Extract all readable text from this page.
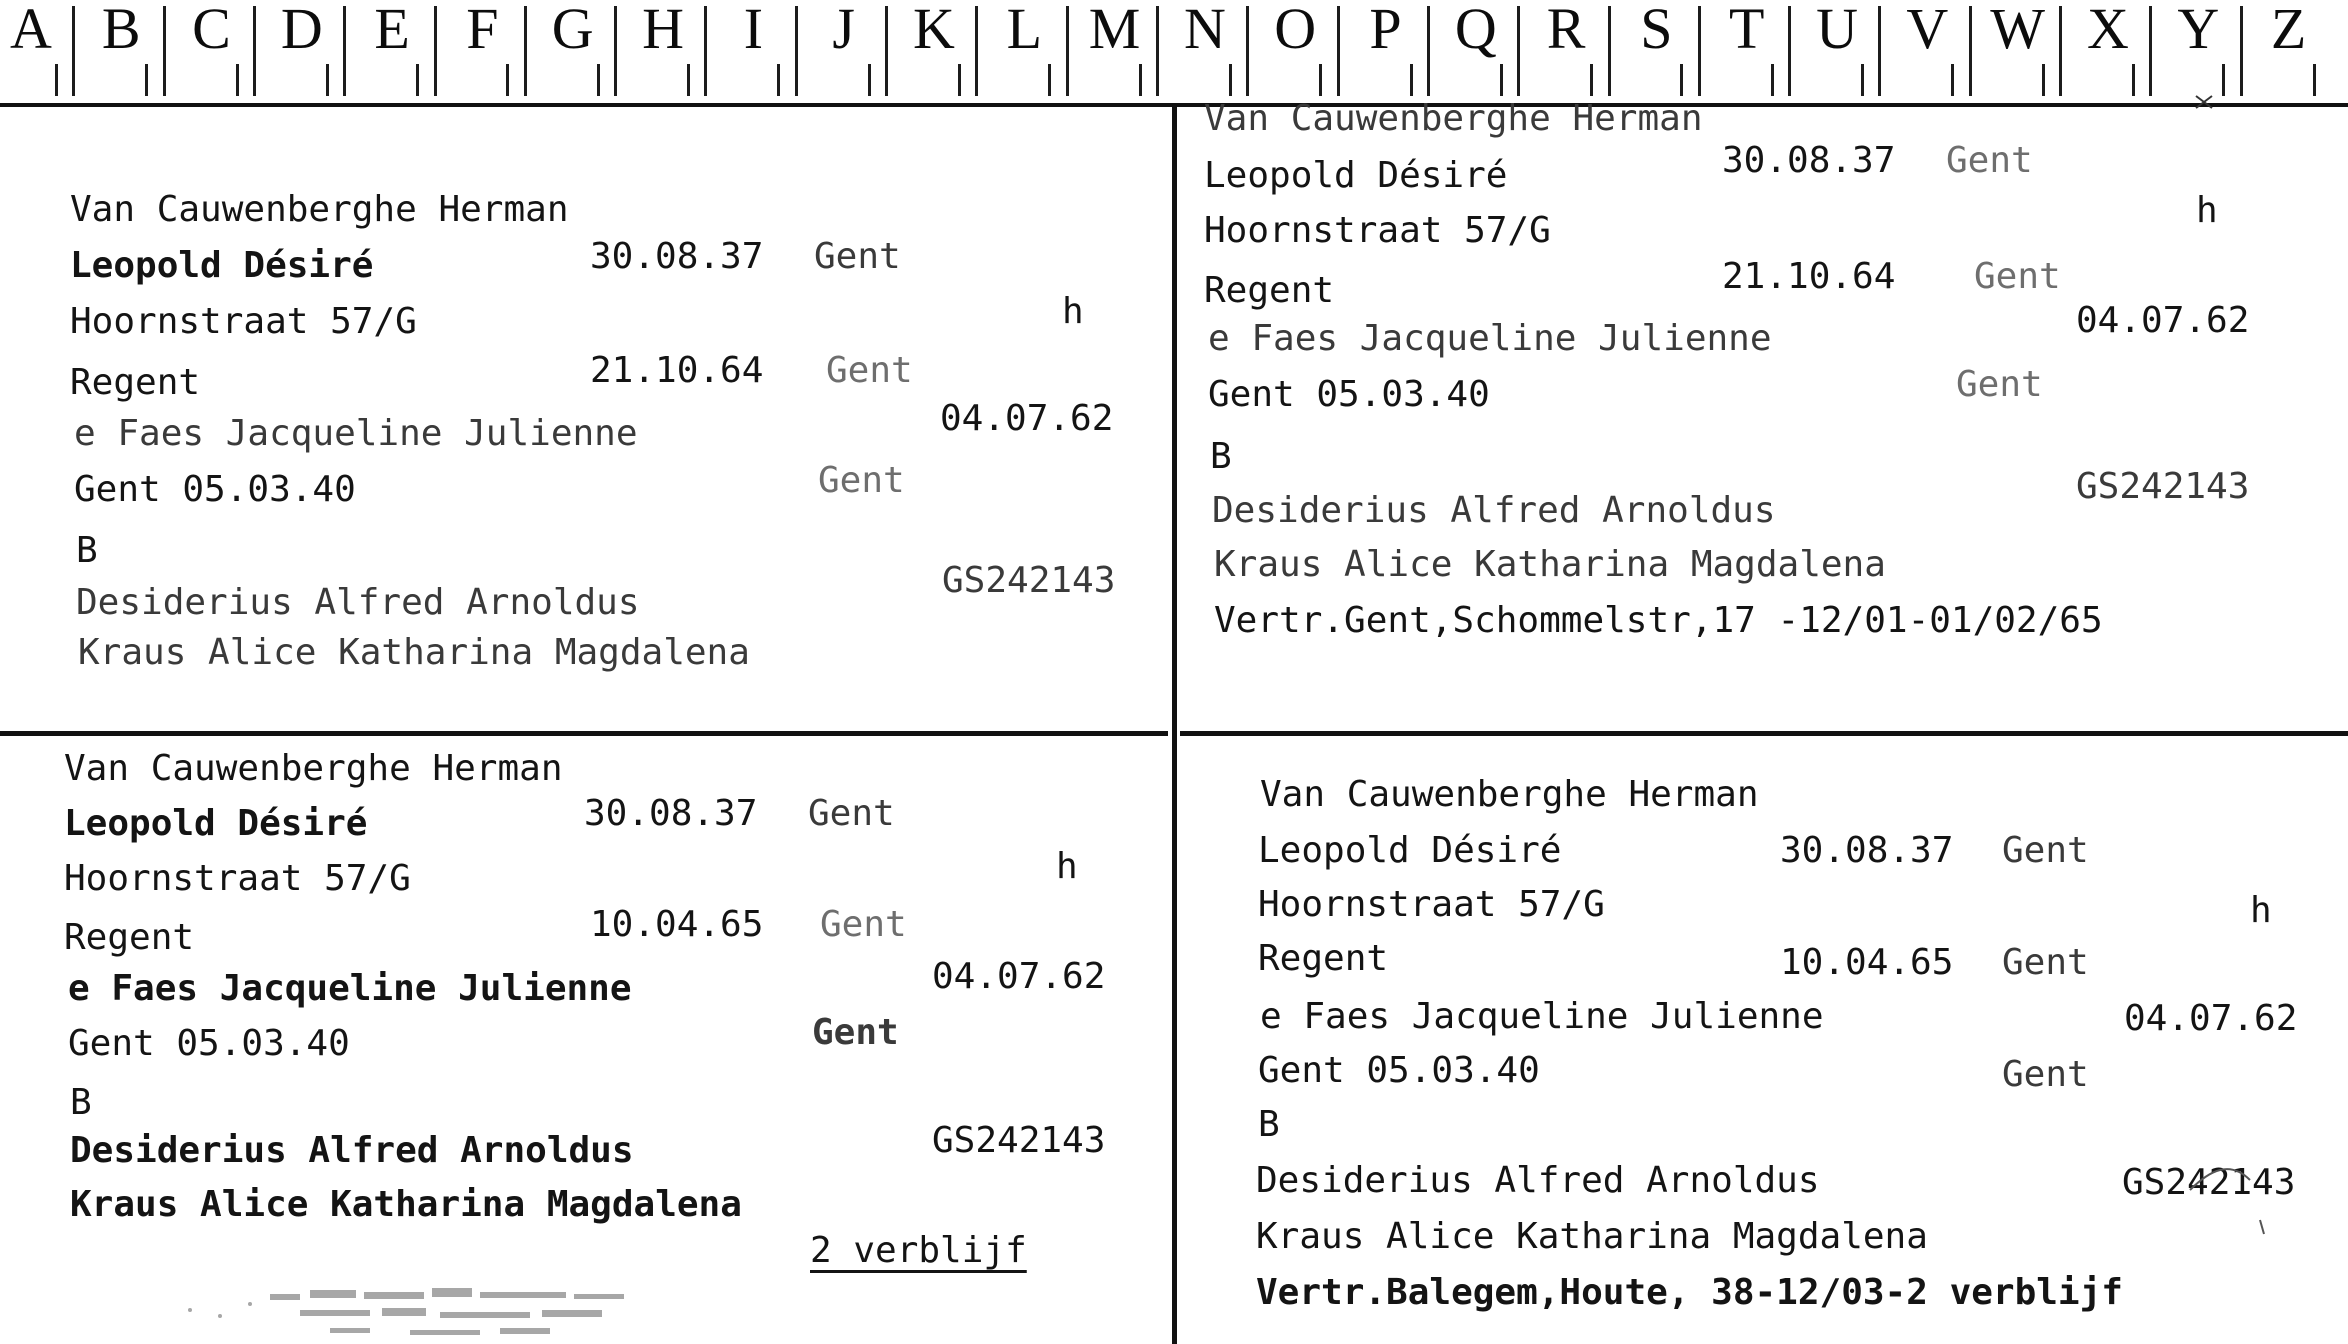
A B C D E F G H	I	J	K L M N O P Q R S T U V W X Y Z
Van Cauwenberghe Herman
Leopold Désiré	30.08.37 Gent
Hoornstraat 57/G	h
Regent	21.10.64 Gent
e Faes Jacqueline Julienne	04.07.62
Gent 05.03.40	Gent
B
Desiderius Alfred Arnoldus
GS242143
Kraus Alice Katharina Magdalena
Van Cauwenberghe Herman
Leopold Désiré	30.08.37 Gent
Hoornstraat 57/G	h
Regent	21.10.64 Gent
e Faes Jacqueline Julienne	04.07.62
Gent 05.03.40	Gent
B
Desiderius Alfred Arnoldus
GS242143
Kraus Alice Katharina Magdalena
Vertr.Gent,Schommelstr,17 -12/01-01/02/65
Van Cauwenberghe Herman
Leopold Désiré	30.08.37 Gent
Hoornstraat 57/G	h
Regent	10.04.65 Gent
e Faes Jacqueline Julienne	04.07.62
Gent 05.03.40	Gent
B
Desiderius Alfred Arnoldus	GS242143
Kraus Alice Katharina Magdalena
2 verblijf
Van Cauwenberghe Herman
Leopold Désiré	30.08.37 Gent
Hoornstraat 57/G	h
Regent	10.04.65 Gent
e Faes Jacqueline Julienne	04.07.62
Gent 05.03.40	Gent
B
Desiderius Alfred Arnoldus	GS242143
Kraus Alice Katharina Magdalena
Vertr.Balegem,Houte, 38-12/03-2 verblijf
